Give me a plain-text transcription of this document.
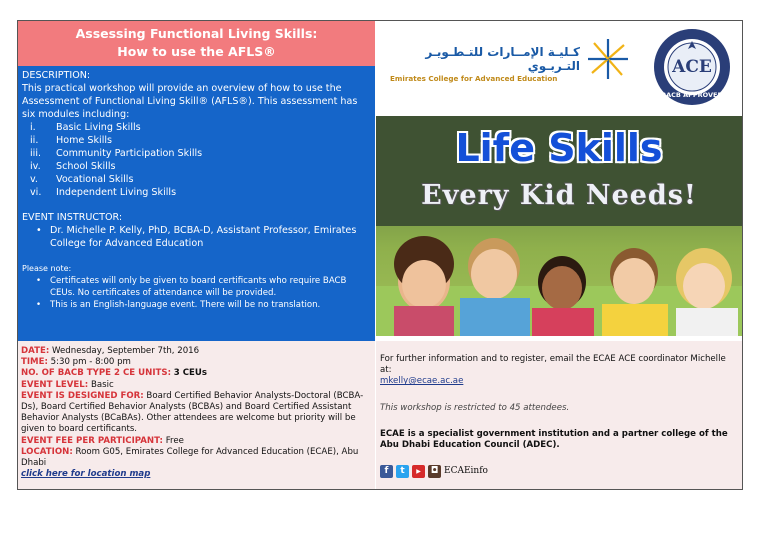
Assessing Functional Living Skills:
How to use the AFLS®

DESCRIPTION:

This practical workshop will provide an overview of how to use the Assessment of Functional Living Skill® (AFLS®). This assessment has six modules including:

i. Basic Living Skills
ii. Home Skills
iii. Community Participation Skills
iv. School Skills
v. Vocational Skills
vi. Independent Living Skills

EVENT INSTRUCTOR:

• Dr. Michelle P. Kelly, PhD, BCBA-D, Assistant Professor, Emirates College for Advanced Education

Please note:

• Certificates will only be given to board certificants who require BACB CEUs. No certificates of attendance will be provided.
• This is an English-language event. There will be no translation.
DATE: Wednesday, September 7th, 2016
TIME: 5:30 pm - 8:00 pm
NO. OF BACB TYPE 2 CE UNITS: 3 CEUs
EVENT LEVEL: Basic
EVENT IS DESIGNED FOR: Board Certified Behavior Analysts-Doctoral (BCBA-Ds), Board Certified Behavior Analysts (BCBAs) and Board Certified Assistant Behavior Analysts (BCaBAs). Other attendees are welcome but priority will be given to board certificants.
EVENT FEE PER PARTICIPANT: Free
LOCATION: Room G05, Emirates College for Advanced Education (ECAE), Abu Dhabi
click here for location map
كـليـة الإمــارات للتـطـويـر التـربـوي
Emirates College for Advanced Education
ACE
BACB APPROVED
Life Skills
Every Kid Needs!
For further information and to register, email the ECAE ACE coordinator Michelle at:
mkelly@ecae.ac.ae
This workshop is restricted to 45 attendees.
ECAE is a specialist government institution and a partner college of the Abu Dhabi Education Council (ADEC).
f	t	▶	◘ ECAEinfo
